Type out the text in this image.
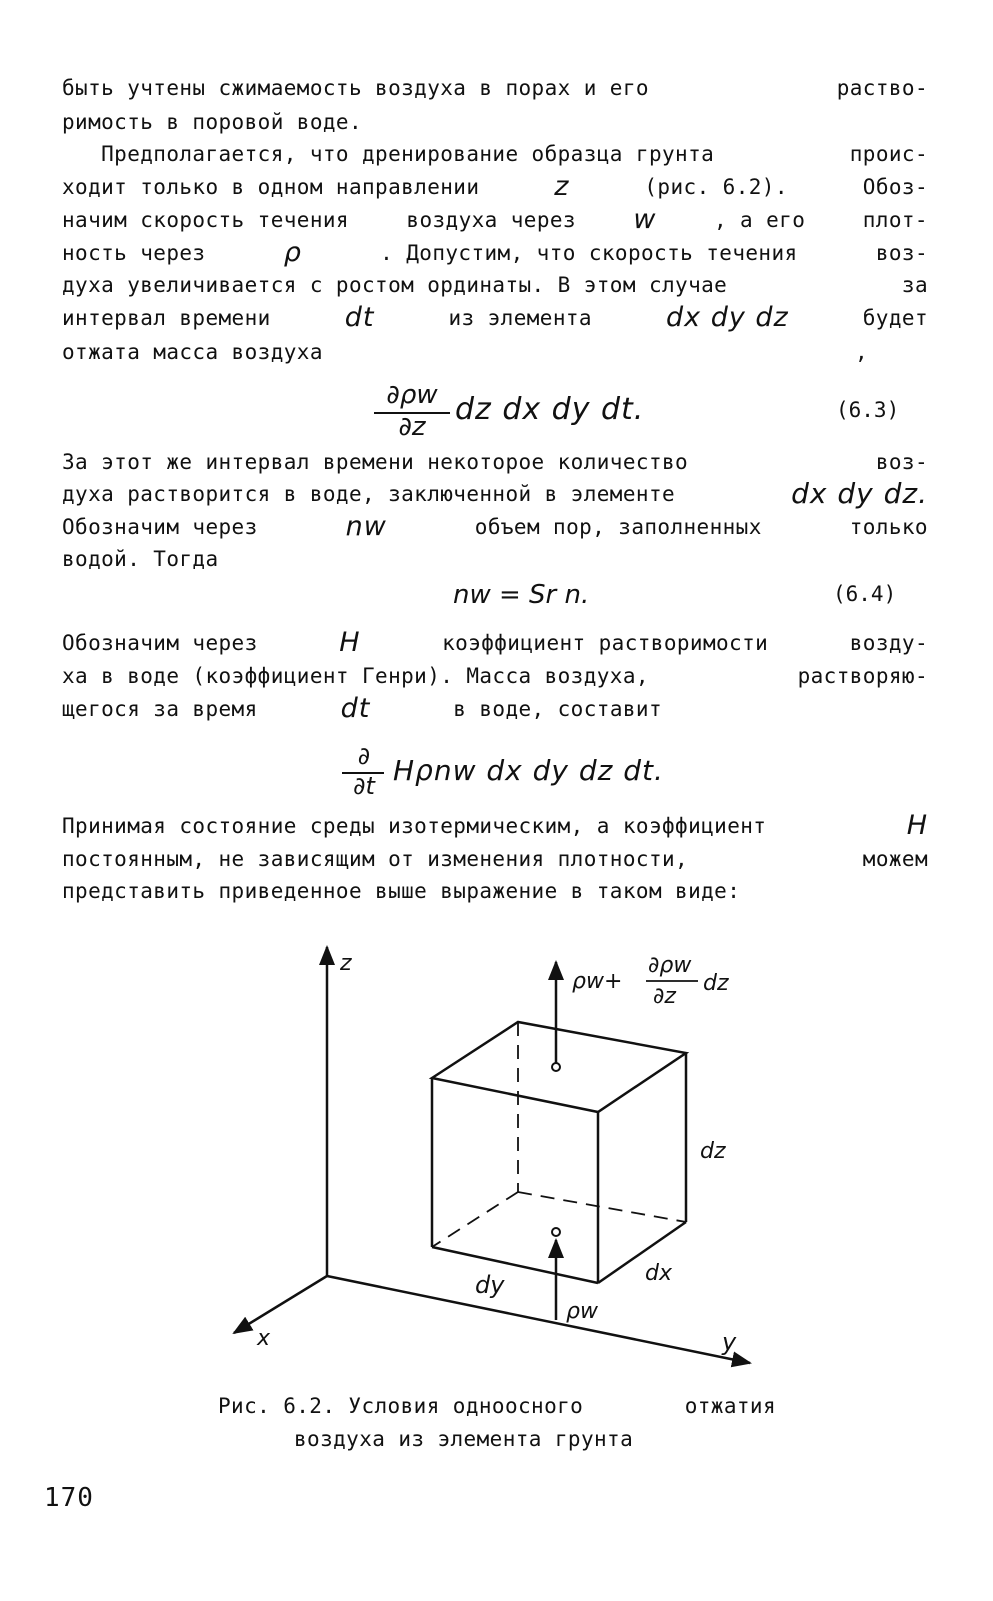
быть учтены сжимаемость воздуха в порах и его	раство-
римость в поровой воде.
Предполагается, что дренирование образца грунта	проис-
ходит только в одном направлении	z	(рис. 6.2).	Обоз-
начим скорость течения	воздуха через w	, а его	плот-
ность через	ρ	. Допустим, что скорость течения	воз-
духа увеличивается с ростом ординаты. В этом случае	за
интервал времени	dt	из элемента	dx dy dz	будет
отжата масса воздуха	,
∂ρw
∂z dz dx dy dt.	(6.3)
За этот же интервал времени некоторое количество	воз-
духа растворится в воде, заключенной в элементе	dx dy dz.
Обозначим через	nw	объем пор, заполненных	только
водой. Тогда
nw = Sr n.	(6.4)
Обозначим через	H	коэффициент растворимости	возду-
ха в воде (коэффициент Генри). Масса воздуха,	растворяю-
щегося за время	dt	в воде, составит
∂
∂t Hρnw dx dy dz dt.
Принимая состояние среды изотермическим, а коэффициент	H
постоянным, не зависящим от изменения плотности,	можем
представить приведенное выше выражение в таком виде:
z
x	y
ρw+
∂ρw
∂z
dz
ρw
dz
dx
dy
Рис. 6.2. Условия одноосного	отжатия
воздуха из элемента грунта
170
